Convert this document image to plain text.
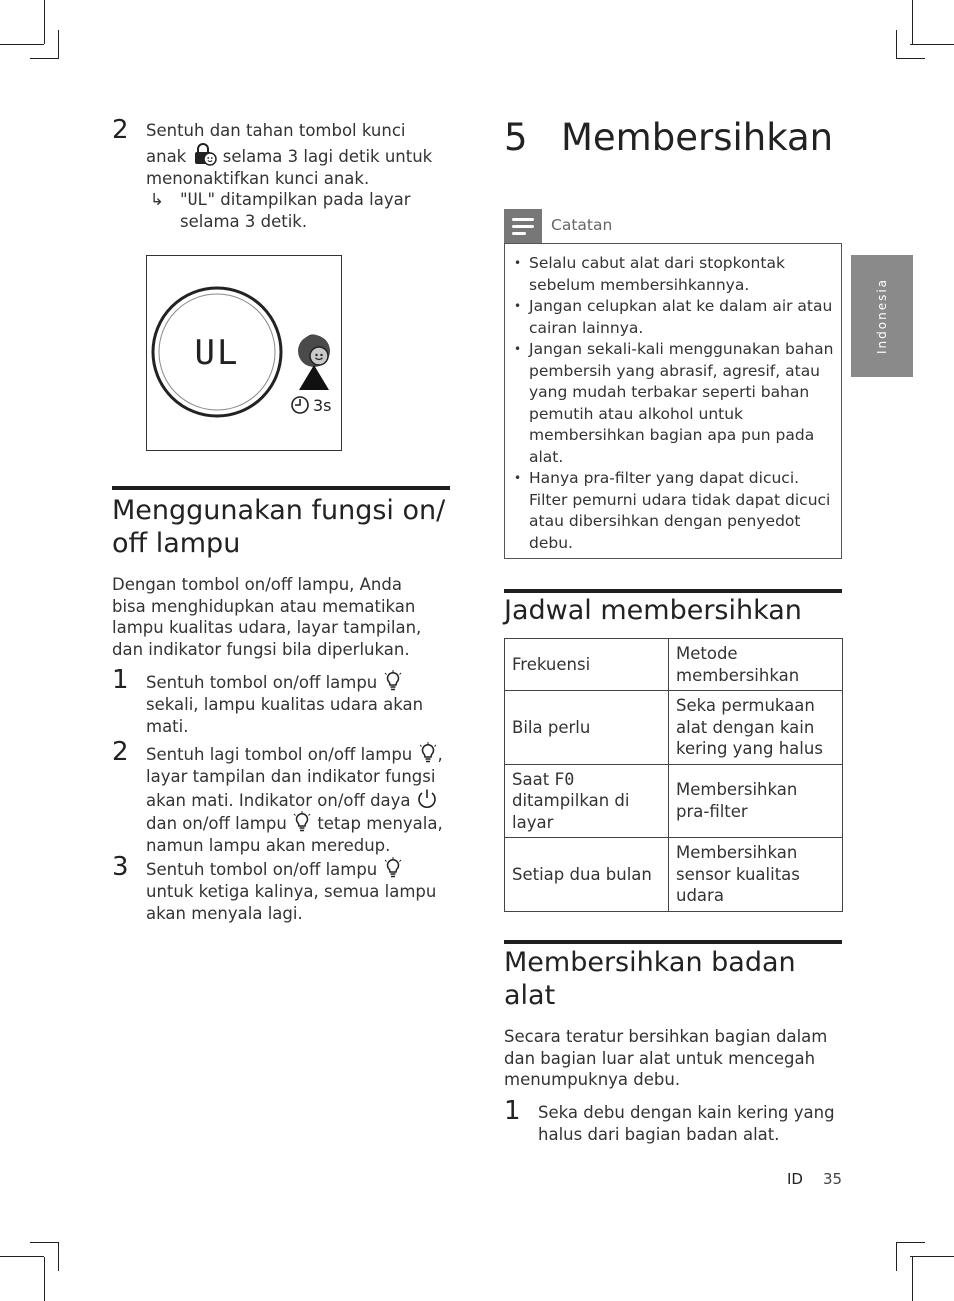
Indonesia
2 Sentuh dan tahan tombol kunci
anak selama 3 lagi detik untuk
menonaktifkan kunci anak.
↳ "UL" ditampilkan pada layar
selama 3 detik.
UL
3s
Menggunakan fungsi on/
off lampu
Dengan tombol on/off lampu, Anda bisa menghidupkan atau mematikan lampu kualitas udara, layar tampilan, dan indikator fungsi bila diperlukan.
1 Sentuh tombol on/off lampu  sekali, lampu kualitas udara akan mati.
2 Sentuh lagi tombol on/off lampu , layar tampilan dan indikator fungsi akan mati. Indikator on/off daya  dan on/off lampu tetap menyala, namun lampu akan meredup.
3 Sentuh tombol on/off lampu  untuk ketiga kalinya, semua lampu akan menyala lagi.
5 Membersihkan
Catatan
• Selalu cabut alat dari stopkontak sebelum membersihkannya.
• Jangan celupkan alat ke dalam air atau cairan lainnya.
• Jangan sekali-kali menggunakan bahan pembersih yang abrasif, agresif, atau yang mudah terbakar seperti bahan pemutih atau alkohol untuk membersihkan bagian apa pun pada alat.
• Hanya pra-filter yang dapat dicuci. Filter pemurni udara tidak dapat dicuci atau dibersihkan dengan penyedot debu.
Jadwal membersihkan
Frekuensi	Metode membersihkan
Bila perlu	Seka permukaan alat dengan kain kering yang halus
Saat F0 ditampilkan di layar	Membersihkan pra-filter
Setiap dua bulan	Membersihkan sensor kualitas udara
Membersihkan badan
alat
Secara teratur bersihkan bagian dalam dan bagian luar alat untuk mencegah menumpuknya debu.
1 Seka debu dengan kain kering yang halus dari bagian badan alat.
ID 35
